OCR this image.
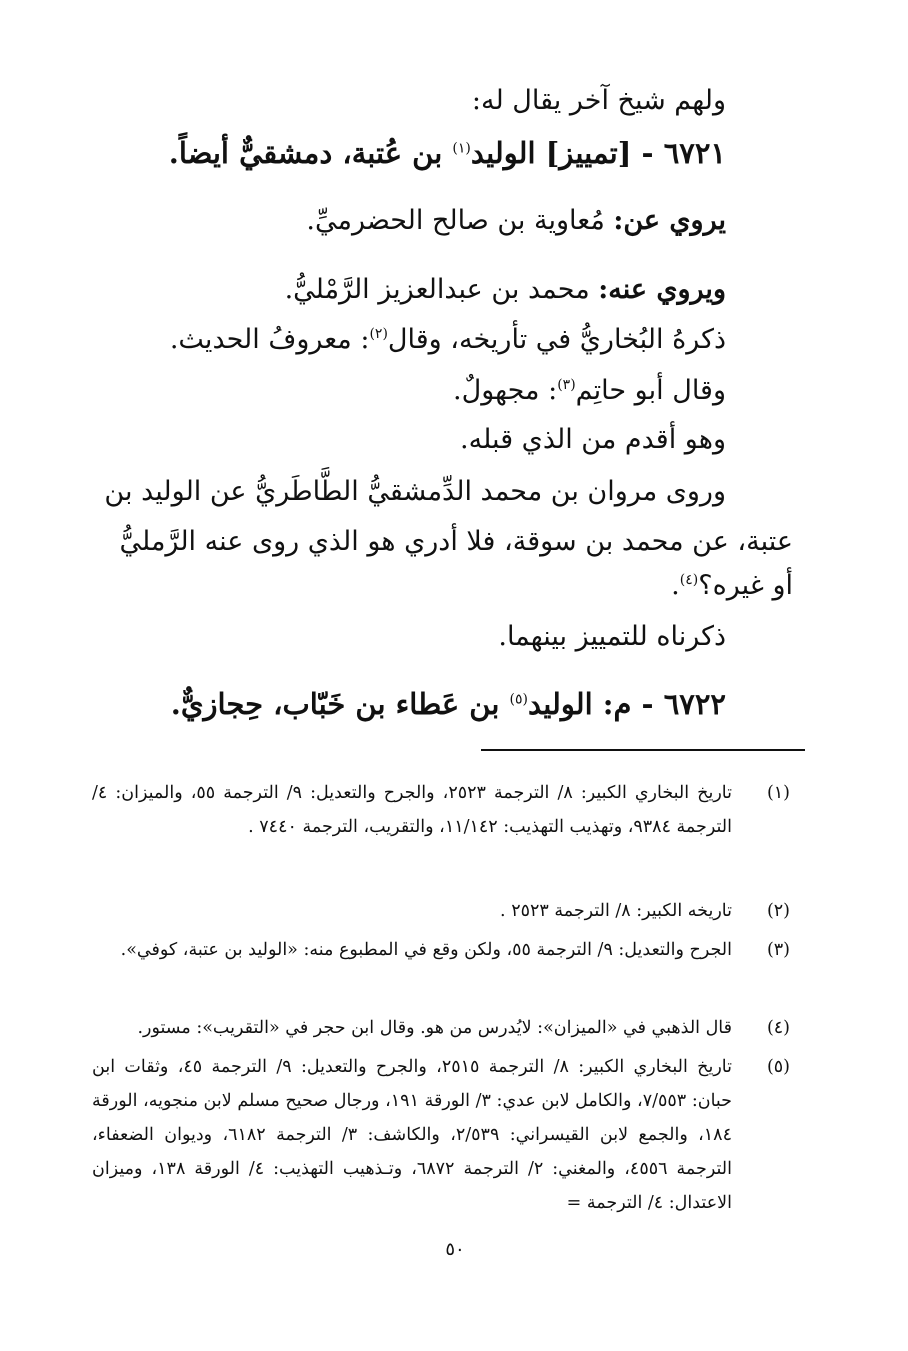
ولهم شيخ آخر يقال له:
٦٧٢١ - [تمييز] الوليد$^{(١)}$ بن عُتبة، دمشقيٌّ أيضاً.
يروي عن: مُعاوية بن صالح الحضرميِّ.
ويروي عنه: محمد بن عبدالعزيز الرَّمْليُّ.
ذكرهُ البُخاريُّ في تأريخه، وقال$^{(٢)}$: معروفُ الحديث.
وقال أبو حاتِم$^{(٣)}$: مجهولٌ.
وهو أقدم من الذي قبله.
وروى مروان بن محمد الدِّمشقيُّ الطَّاطَريُّ عن الوليد بن
عتبة، عن محمد بن سوقة، فلا أدري هو الذي روى عنه الرَّمليُّ
أو غيره؟$^{(٤)}$.
ذكرناه للتمييز بينهما.
٦٧٢٢ - م: الوليد$^{(٥)}$ بن عَطاء بن خَبّاب، حِجازيٌّ.
(١)
تاريخ البخاري الكبير: ٨/ الترجمة ٢٥٢٣، والجرح والتعديل: ٩/ الترجمة ٥٥، والميزان: ٤/ الترجمة ٩٣٨٤، وتهذيب التهذيب: ١١/١٤٢، والتقريب، الترجمة ٧٤٤٠ .
(٢)
تاريخه الكبير: ٨/ الترجمة ٢٥٢٣ .
(٣)
الجرح والتعديل: ٩/ الترجمة ٥٥، ولكن وقع في المطبوع منه: «الوليد بن عتبة، كوفي».
(٤)
قال الذهبي في «الميزان»: لايُدرس من هو. وقال ابن حجر في «التقريب»: مستور.
(٥)
تاريخ البخاري الكبير: ٨/ الترجمة ٢٥١٥، والجرح والتعديل: ٩/ الترجمة ٤٥، وثقات ابن حبان: ٧/٥٥٣، والكامل لابن عدي: ٣/ الورقة ١٩١، ورجال صحيح مسلم لابن منجويه، الورقة ١٨٤، والجمع لابن القيسراني: ٢/٥٣٩، والكاشف: ٣/ الترجمة ٦١٨٢، وديوان الضعفاء، الترجمة ٤٥٥٦، والمغني: ٢/ الترجمة ٦٨٧٢، وتـذهيب التهذيب: ٤/ الورقة ١٣٨، وميزان الاعتدال: ٤/ الترجمة =
٥٠
